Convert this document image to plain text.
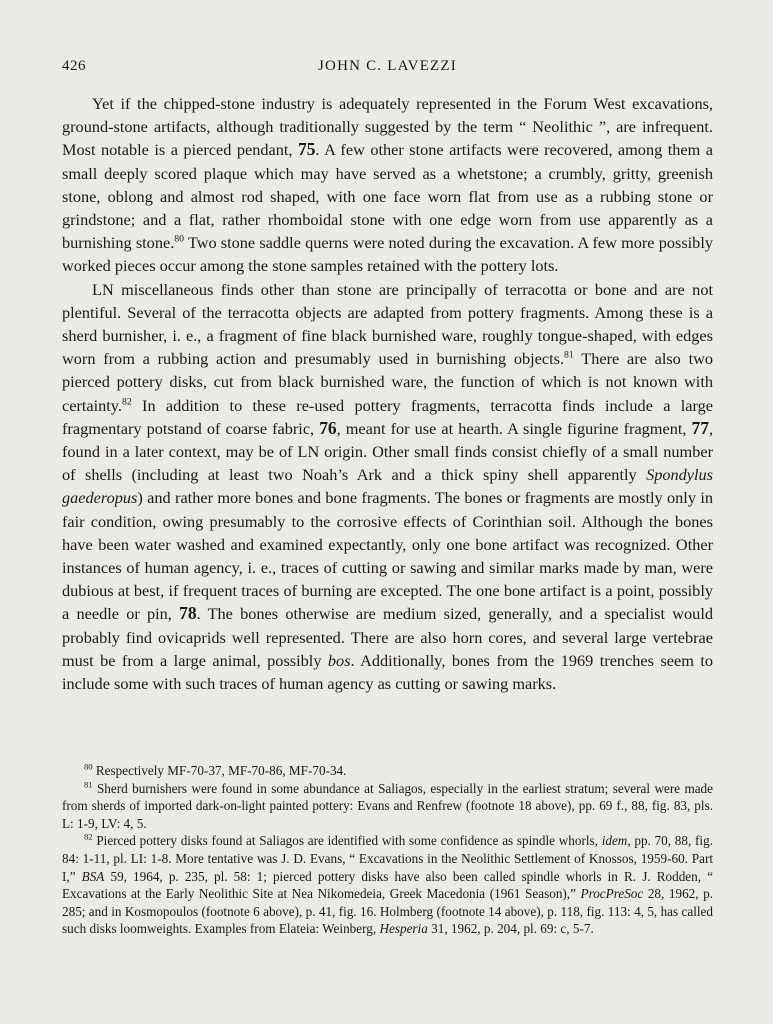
426	JOHN C. LAVEZZI

Yet if the chipped-stone industry is adequately represented in the Forum West excavations, ground-stone artifacts, although traditionally suggested by the term “ Neolithic ”, are infrequent. Most notable is a pierced pendant, 75. A few other stone artifacts were recovered, among them a small deeply scored plaque which may have served as a whetstone; a crumbly, gritty, greenish stone, oblong and almost rod shaped, with one face worn flat from use as a rubbing stone or grindstone; and a flat, rather rhomboidal stone with one edge worn from use apparently as a burnishing stone.$^{80}$ Two stone saddle querns were noted during the excavation. A few more possibly worked pieces occur among the stone samples retained with the pottery lots.

LN miscellaneous finds other than stone are principally of terracotta or bone and are not plentiful. Several of the terracotta objects are adapted from pottery fragments. Among these is a sherd burnisher, i. e., a fragment of fine black burnished ware, roughly tongue-shaped, with edges worn from a rubbing action and presumably used in burnishing objects.$^{81}$ There are also two pierced pottery disks, cut from black burnished ware, the function of which is not known with certainty.$^{82}$ In addition to these re-used pottery fragments, terracotta finds include a large fragmentary potstand of coarse fabric, 76, meant for use at hearth. A single figurine fragment, 77, found in a later context, may be of LN origin. Other small finds consist chiefly of a small number of shells (including at least two Noah’s Ark and a thick spiny shell apparently Spondylus gaederopus) and rather more bones and bone fragments. The bones or fragments are mostly only in fair condition, owing presumably to the corrosive effects of Corinthian soil. Although the bones have been water washed and examined expectantly, only one bone artifact was recognized. Other instances of human agency, i. e., traces of cutting or sawing and similar marks made by man, were dubious at best, if frequent traces of burning are excepted. The one bone artifact is a point, possibly a needle or pin, 78. The bones otherwise are medium sized, generally, and a specialist would probably find ovicaprids well represented. There are also horn cores, and several large vertebrae must be from a large animal, possibly bos. Additionally, bones from the 1969 trenches seem to include some with such traces of human agency as cutting or sawing marks.

$^{80}$ Respectively MF-70-37, MF-70-86, MF-70-34.

$^{81}$ Sherd burnishers were found in some abundance at Saliagos, especially in the earliest stratum; several were made from sherds of imported dark-on-light painted pottery: Evans and Renfrew (footnote 18 above), pp. 69 f., 88, fig. 83, pls. L: 1-9, LV: 4, 5.

$^{82}$ Pierced pottery disks found at Saliagos are identified with some confidence as spindle whorls, idem, pp. 70, 88, fig. 84: 1-11, pl. LI: 1-8. More tentative was J. D. Evans, “ Excavations in the Neolithic Settlement of Knossos, 1959-60. Part I,” BSA 59, 1964, p. 235, pl. 58: 1; pierced pottery disks have also been called spindle whorls in R. J. Rodden, “ Excavations at the Early Neolithic Site at Nea Nikomedeia, Greek Macedonia (1961 Season),” ProcPreSoc 28, 1962, p. 285; and in Kosmopoulos (footnote 6 above), p. 41, fig. 16. Holmberg (footnote 14 above), p. 118, fig. 113: 4, 5, has called such disks loomweights. Examples from Elateia: Weinberg, Hesperia 31, 1962, p. 204, pl. 69: c, 5-7.
